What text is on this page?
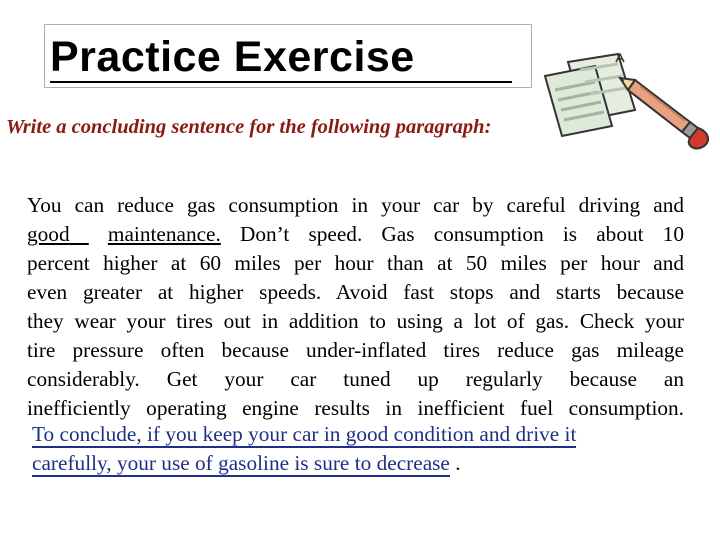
Practice Exercise
Write a concluding sentence for the following paragraph:
You can reduce gas consumption in your car by careful driving and
good maintenance. Don’t speed. Gas consumption is about 10
percent higher at 60 miles per hour than at 50 miles per hour and
even greater at higher speeds. Avoid fast stops and starts because
they wear your tires out in addition to using a lot of gas. Check your
tire pressure often because under-inflated tires reduce gas mileage
considerably. Get your car tuned up regularly because an
inefficiently operating engine results in inefficient fuel consumption.
To conclude, if you keep your car in good condition and drive it
carefully, your use of gasoline is sure to decrease .
